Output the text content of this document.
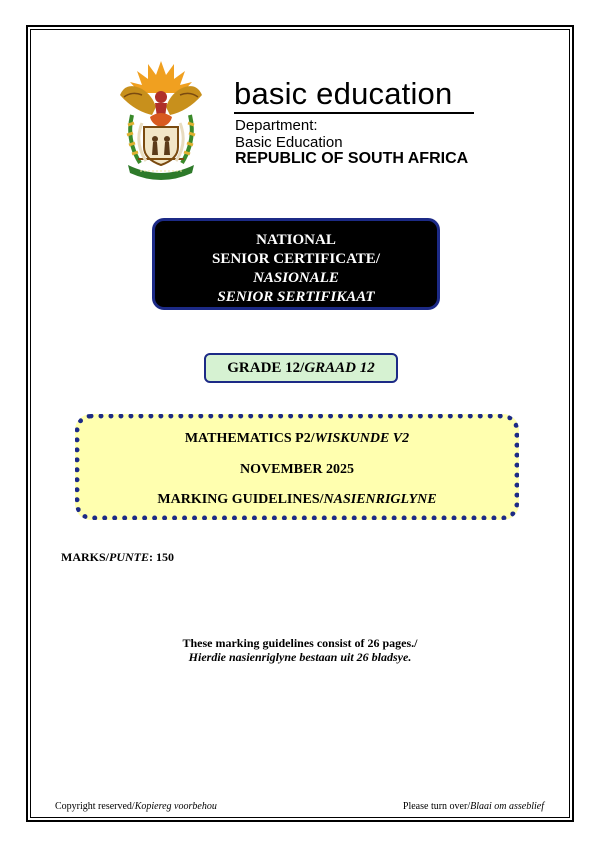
basic education
Department:
Basic Education
REPUBLIC OF SOUTH AFRICA
NATIONAL
SENIOR CERTIFICATE/
NASIONALE
SENIOR SERTIFIKAAT
GRADE 12/GRAAD 12
MATHEMATICS P2/WISKUNDE V2
NOVEMBER 2025
MARKING GUIDELINES/NASIENRIGLYNE
MARKS/PUNTE: 150
These marking guidelines consist of 26 pages./
Hierdie nasienriglyne bestaan uit 26 bladsye.
Copyright reserved/Kopiereg voorbehou	Please turn over/Blaai om asseblief
